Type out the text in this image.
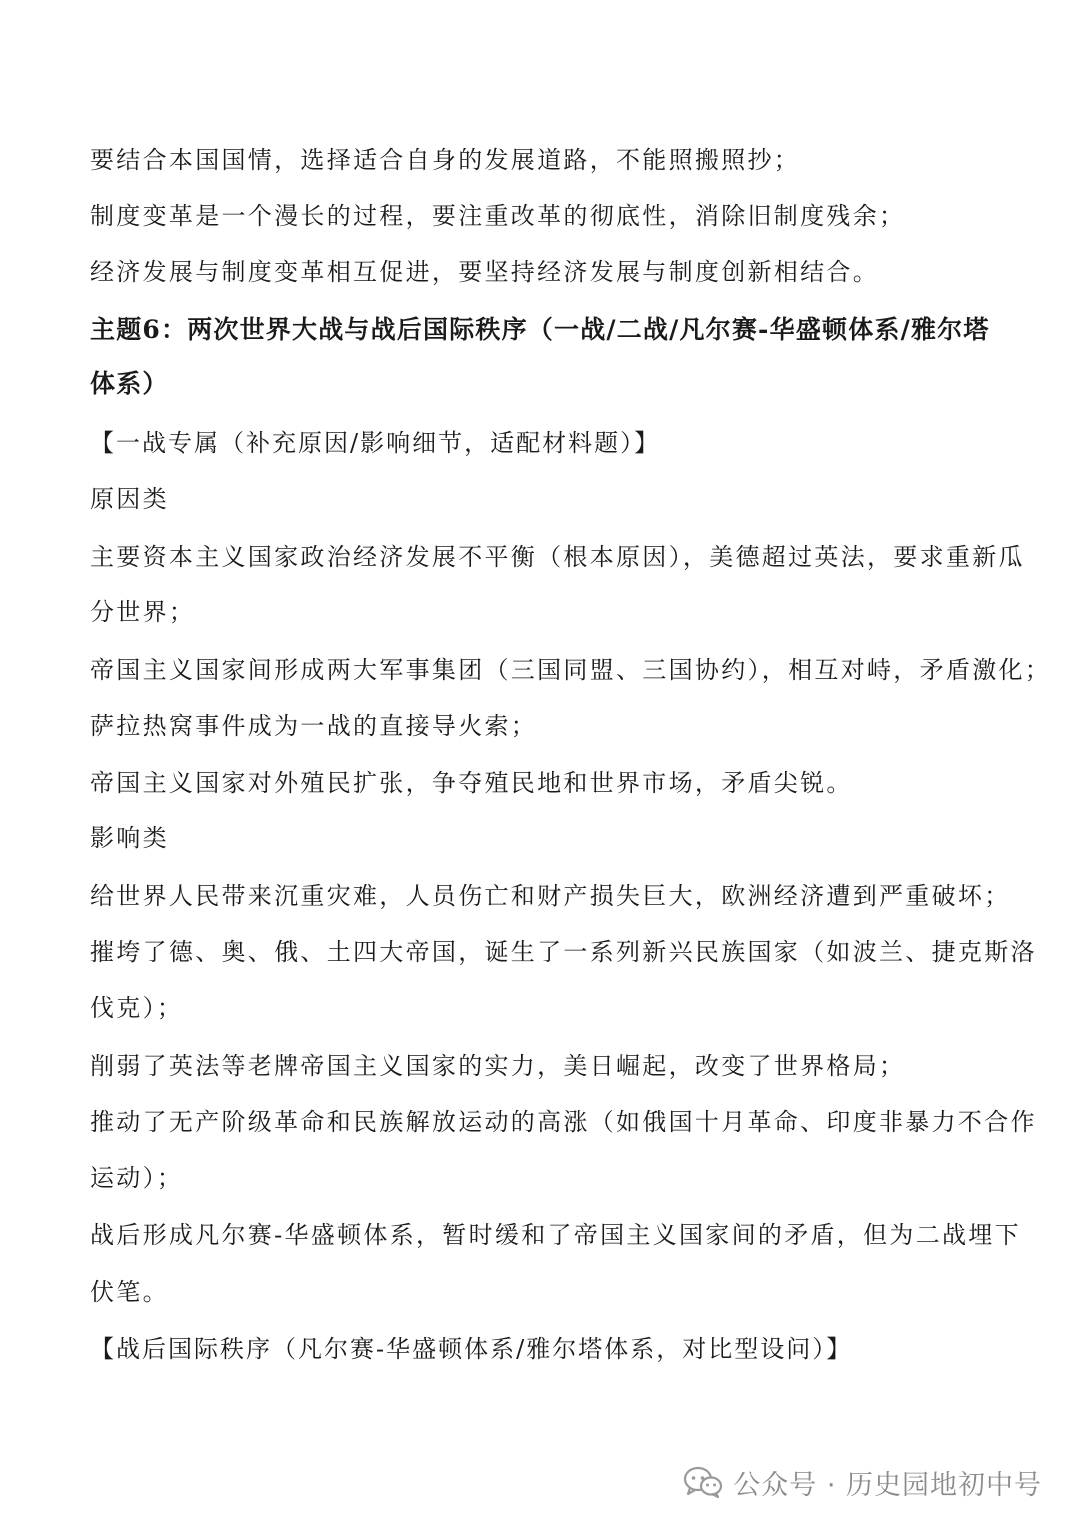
要结合本国国情，选择适合自身的发展道路，不能照搬照抄；
制度变革是一个漫长的过程，要注重改革的彻底性，消除旧制度残余；
经济发展与制度变革相互促进，要坚持经济发展与制度创新相结合。
主题6：两次世界大战与战后国际秩序（一战/二战/凡尔赛-华盛顿体系/雅尔塔
体系）
【一战专属（补充原因/影响细节，适配材料题）】
原因类
主要资本主义国家政治经济发展不平衡（根本原因），美德超过英法，要求重新瓜
分世界；
帝国主义国家间形成两大军事集团（三国同盟、三国协约），相互对峙，矛盾激化；
萨拉热窝事件成为一战的直接导火索；
帝国主义国家对外殖民扩张，争夺殖民地和世界市场，矛盾尖锐。
影响类
给世界人民带来沉重灾难，人员伤亡和财产损失巨大，欧洲经济遭到严重破坏；
摧垮了德、奥、俄、土四大帝国，诞生了一系列新兴民族国家（如波兰、捷克斯洛
伐克）；
削弱了英法等老牌帝国主义国家的实力，美日崛起，改变了世界格局；
推动了无产阶级革命和民族解放运动的高涨（如俄国十月革命、印度非暴力不合作
运动）；
战后形成凡尔赛-华盛顿体系，暂时缓和了帝国主义国家间的矛盾，但为二战埋下
伏笔。
【战后国际秩序（凡尔赛-华盛顿体系/雅尔塔体系，对比型设问）】
公众号 · 历史园地初中号
